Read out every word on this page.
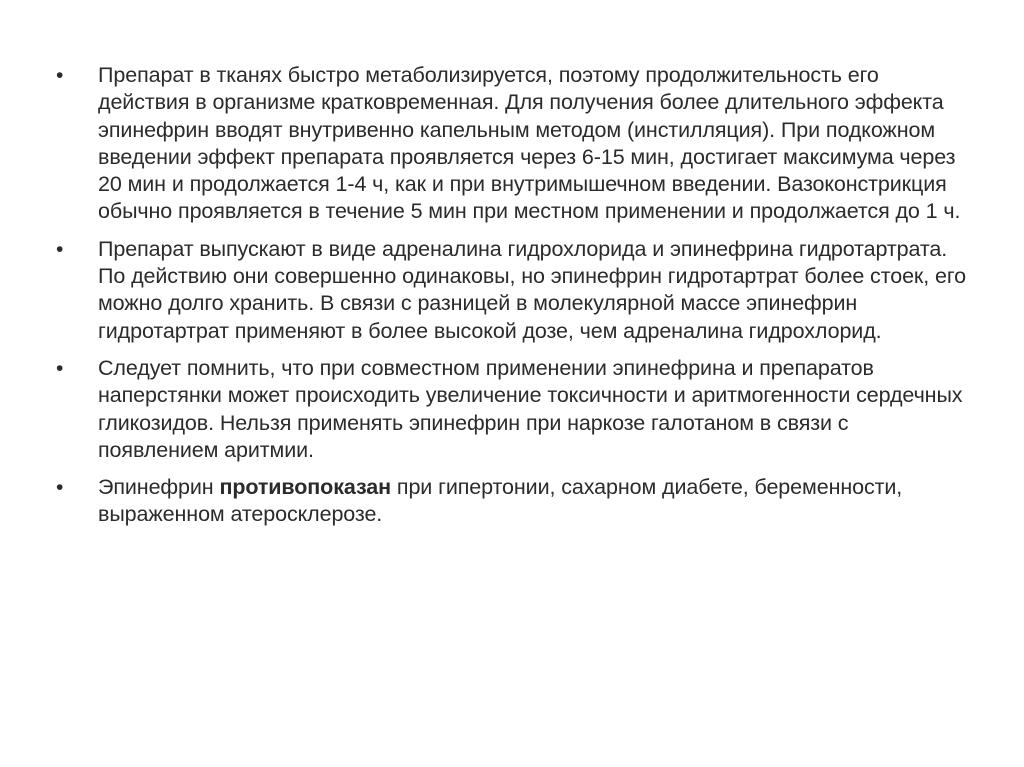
•	Препарат в тканях быстро метаболизируется, поэтому продолжительность его действия в организме кратковременная. Для получения более длительного эффекта эпинефрин вводят внутривенно капельным методом (инстилляция). При подкожном введении эффект препарата проявляется через 6-15 мин, достигает максимума через 20 мин и продолжается 1-4 ч, как и при внутримышечном введении. Вазоконстрикция обычно проявляется в течение 5 мин при местном применении и продолжается до 1 ч.
•	Препарат выпускают в виде адреналина гидрохлорида и эпинефрина гидротартрата. По действию они совершенно одинаковы, но эпинефрин гидротартрат более стоек, его можно долго хранить. В связи с разницей в молекулярной массе эпинефрин гидротартрат применяют в более высокой дозе, чем адреналина гидрохлорид.
•	Следует помнить, что при совместном применении эпинефрина и препаратов наперстянки может происходить увеличение токсичности и аритмогенности сердечных гликозидов. Нельзя применять эпинефрин при наркозе галотаном в связи с появлением аритмии.
•	Эпинефрин противопоказан при гипертонии, сахарном диабете, беременности, выраженном атеросклерозе.
